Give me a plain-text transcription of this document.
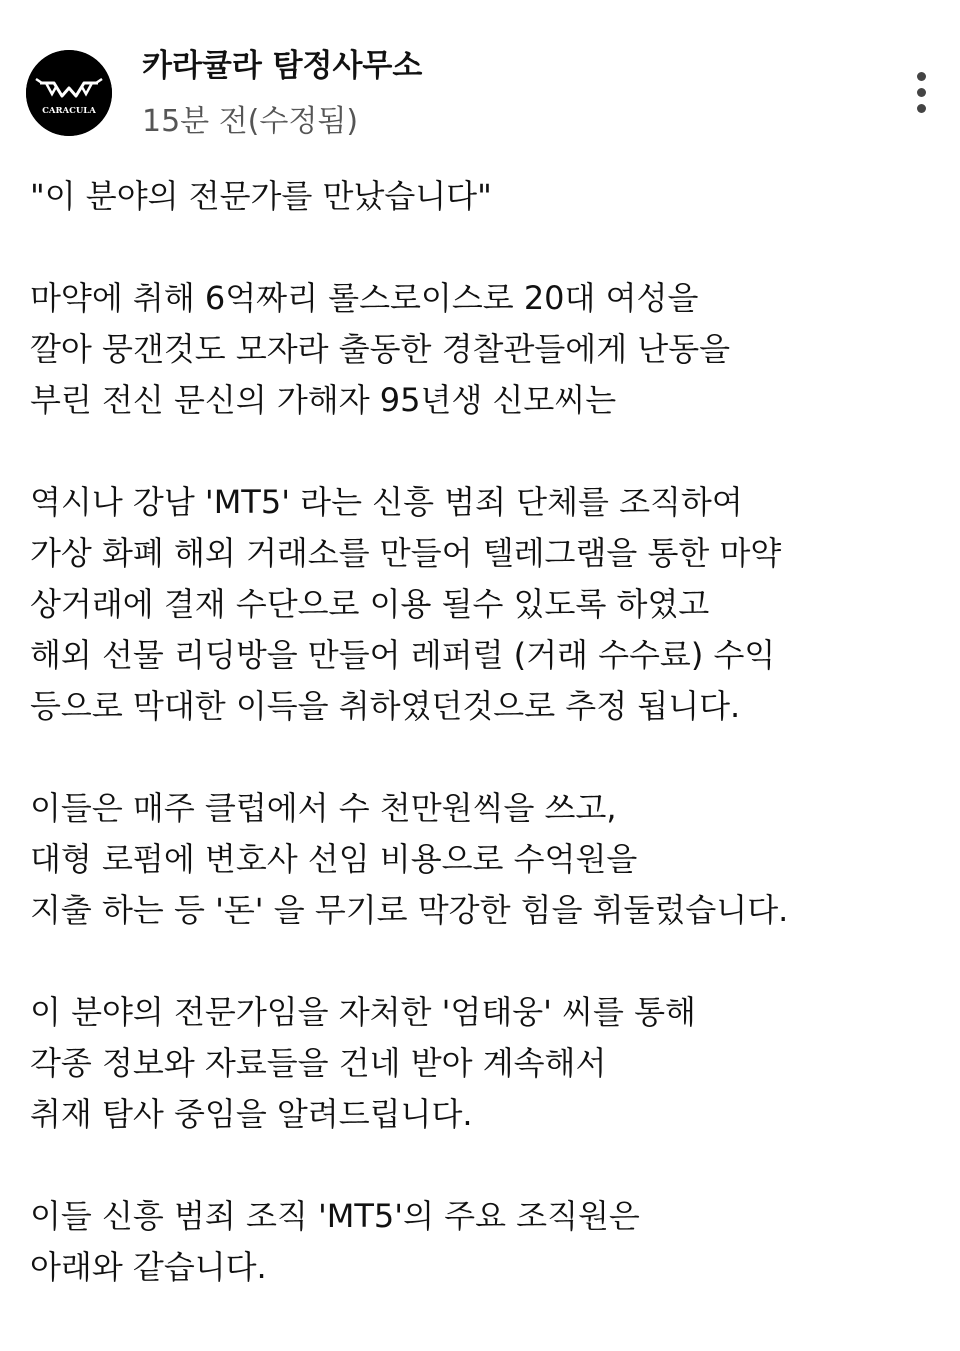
CARACULA
카라큘라 탐정사무소
15분 전(수정됨)
"이 분야의 전문가를 만났습니다"
마약에 취해 6억짜리 롤스로이스로 20대 여성을
깔아 뭉갠것도 모자라 출동한 경찰관들에게 난동을
부린 전신 문신의 가해자 95년생 신모씨는
역시나 강남 'MT5' 라는 신흥 범죄 단체를 조직하여
가상 화폐 해외 거래소를 만들어 텔레그램을 통한 마약
상거래에 결재 수단으로 이용 될수 있도록 하였고
해외 선물 리딩방을 만들어 레퍼럴 (거래 수수료) 수익
등으로 막대한 이득을 취하였던것으로 추정 됩니다.
이들은 매주 클럽에서 수 천만원씩을 쓰고,
대형 로펌에 변호사 선임 비용으로 수억원을
지출 하는 등 '돈' 을 무기로 막강한 힘을 휘둘렀습니다.
이 분야의 전문가임을 자처한 '엄태웅' 씨를 통해
각종 정보와 자료들을 건네 받아 계속해서
취재 탐사 중임을 알려드립니다.
이들 신흥 범죄 조직 'MT5'의 주요 조직원은
아래와 같습니다.
